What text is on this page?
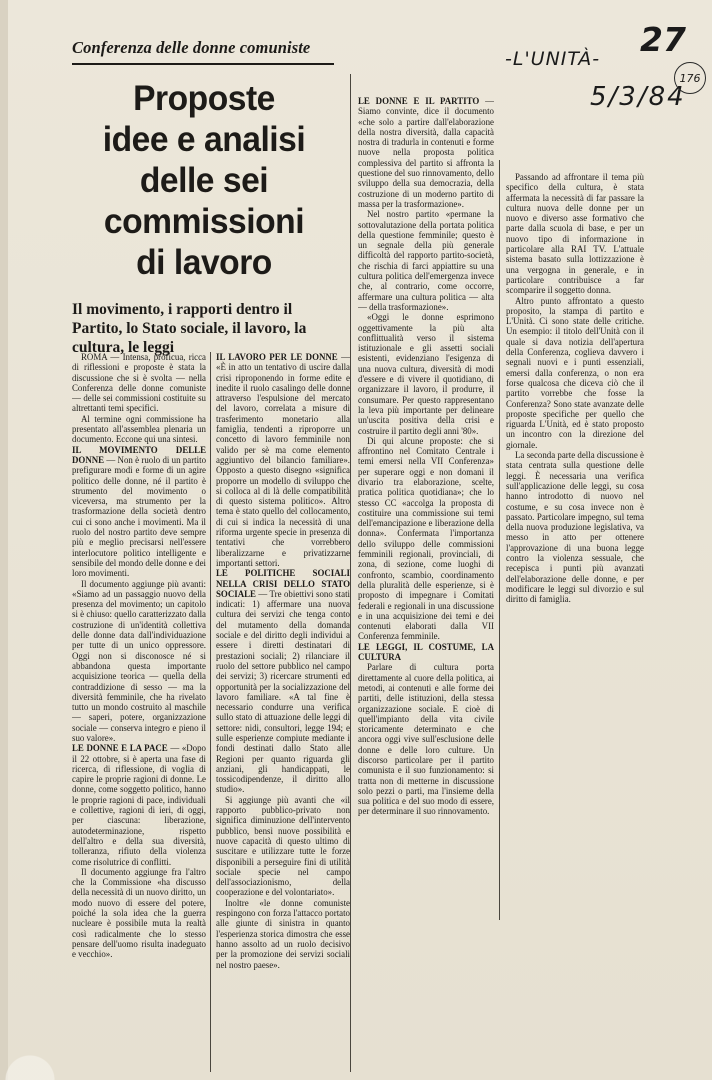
Conferenza delle donne comuniste	27
-L'UNITÀ-
5/3/84
176
Proposte
idee e analisi
delle sei
commissioni
di lavoro
Il movimento, i rapporti dentro il Partito, lo Stato sociale, il lavoro, la cultura, le leggi

ROMA — Intensa, proficua, ricca di riflessioni e proposte è stata la discussione che si è svolta — nella Conferenza delle donne comuniste — delle sei commissioni costituite su altrettanti temi specifici.

Al termine ogni commissione ha presentato all'assemblea plenaria un documento. Eccone qui una sintesi.

IL MOVIMENTO DELLE DONNE — Non è ruolo di un partito prefigurare modi e forme di un agire politico delle donne, né il partito è strumento del movimento o viceversa, ma strumento per la trasformazione della società dentro cui ci sono anche i movimenti. Ma il ruolo del nostro partito deve sempre più e meglio precisarsi nell'essere interlocutore politico intelligente e sensibile del mondo delle donne e dei loro movimenti.

Il documento aggiunge più avanti: «Siamo ad un passaggio nuovo della presenza del movimento; un capitolo si è chiuso: quello caratterizzato dalla costruzione di un'identità collettiva delle donne data dall'individuazione per tutte di un unico oppressore. Oggi non si disconosce né si abbandona questa importante acquisizione teorica — quella della contraddizione di sesso — ma la diversità femminile, che ha rivelato tutto un mondo costruito al maschile — saperi, potere, organizzazione sociale — conserva integro e pieno il suo valore».

LE DONNE E LA PACE — «Dopo il 22 ottobre, si è aperta una fase di ricerca, di riflessione, di voglia di capire le proprie ragioni di donne. Le donne, come soggetto politico, hanno le proprie ragioni di pace, individuali e collettive, ragioni di ieri, di oggi, per ciascuna: liberazione, autodeterminazione, rispetto dell'altro e della sua diversità, tolleranza, rifiuto della violenza come risolutrice di conflitti.

Il documento aggiunge fra l'altro che la Commissione «ha discusso della necessità di un nuovo diritto, un modo nuovo di essere del potere, poiché la sola idea che la guerra nucleare è possibile muta la realtà così radicalmente che lo stesso pensare dell'uomo risulta inadeguato e vecchio».

IL LAVORO PER LE DONNE — «È in atto un tentativo di uscire dalla crisi riproponendo in forme edite e inedite il ruolo casalingo delle donne attraverso l'espulsione del mercato del lavoro, correlata a misure di trasferimento monetario alla famiglia, tendenti a riproporre un concetto di lavoro femminile non valido per sè ma come elemento aggiuntivo del bilancio familiare». Opposto a questo disegno «significa proporre un modello di sviluppo che si colloca al di là delle compatibilità di questo sistema politico». Altro tema è stato quello del collocamento, di cui si indica la necessità di una riforma urgente specie in presenza di tentativi che vorrebbero liberalizzarne e privatizzarne importanti settori.

LE POLITICHE SOCIALI NELLA CRISI DELLO STATO SOCIALE — Tre obiettivi sono stati indicati: 1) affermare una nuova cultura dei servizi che tenga conto del mutamento della domanda sociale e del diritto degli individui a essere i diretti destinatari di prestazioni sociali; 2) rilanciare il ruolo del settore pubblico nel campo dei servizi; 3) ricercare strumenti ed opportunità per la socializzazione del lavoro familiare. «A tal fine è necessario condurre una verifica sullo stato di attuazione delle leggi di settore: nidi, consultori, legge 194; e sulle esperienze compiute mediante i fondi destinati dallo Stato alle Regioni per quanto riguarda gli anziani, gli handicappati, le tossicodipendenze, il diritto allo studio».

Si aggiunge più avanti che «il rapporto pubblico-privato non significa diminuzione dell'intervento pubblico, bensì nuove possibilità e nuove capacità di questo ultimo di suscitare e utilizzare tutte le forze disponibili a perseguire fini di utilità sociale specie nel campo dell'associazionismo, della cooperazione e del volontariato».

Inoltre «le donne comuniste respingono con forza l'attacco portato alle giunte di sinistra in quanto l'esperienza storica dimostra che esse hanno assolto ad un ruolo decisivo per la promozione dei servizi sociali nel nostro paese».

LE DONNE E IL PARTITO — Siamo convinte, dice il documento «che solo a partire dall'elaborazione della nostra diversità, dalla capacità nostra di tradurla in contenuti e forme nuove nella proposta politica complessiva del partito si affronta la questione del suo rinnovamento, dello sviluppo della sua democrazia, della costruzione di un moderno partito di massa per la trasformazione».

Nel nostro partito «permane la sottovalutazione della portata politica della questione femminile; questo è un segnale della più generale difficoltà del rapporto partito-società, che rischia di farci appiattire su una cultura politica dell'emergenza invece che, al contrario, come occorre, affermare una cultura politica — alta — della trasformazione».

«Oggi le donne esprimono oggettivamente la più alta conflittualità verso il sistema istituzionale e gli assetti sociali esistenti, evidenziano l'esigenza di una nuova cultura, diversità di modi d'essere e di vivere il quotidiano, di organizzare il lavoro, il produrre, il consumare. Per questo rappresentano la leva più importante per delineare un'uscita positiva della crisi e costruire il partito degli anni '80».

Di qui alcune proposte: che si affrontino nel Comitato Centrale i temi emersi nella VII Conferenza» per superare oggi e non domani il divario tra elaborazione, scelte, pratica politica quotidiana»; che lo stesso CC «accolga la proposta di costituire una commissione sui temi dell'emancipazione e liberazione della donna». Confermata l'importanza dello sviluppo delle commissioni femminili regionali, provinciali, di zona, di sezione, come luoghi di confronto, scambio, coordinamento della pluralità delle esperienze, si è proposto di impegnare i Comitati federali e regionali in una discussione e in una acquisizione dei temi e dei contenuti elaborati dalla VII Conferenza femminile.

LE LEGGI, IL COSTUME, LA CULTURA

Parlare di cultura porta direttamente al cuore della politica, ai metodi, ai contenuti e alle forme dei partiti, delle istituzioni, della stessa organizzazione sociale. E cioè di quell'impianto della vita civile storicamente determinato e che ancora oggi vive sull'esclusione delle donne e delle loro culture. Un discorso particolare per il partito comunista e il suo funzionamento: si tratta non di metterne in discussione solo pezzi o parti, ma l'insieme della sua politica e del suo modo di essere, per determinare il suo rinnovamento.

Passando ad affrontare il tema più specifico della cultura, è stata affermata la necessità di far passare la cultura nuova delle donne per un nuovo e diverso asse formativo che parte dalla scuola di base, e per un nuovo tipo di informazione in particolare alla RAI TV. L'attuale sistema basato sulla lottizzazione è una vergogna in generale, e in particolare contribuisce a far scomparire il soggetto donna.

Altro punto affrontato a questo proposito, la stampa di partito e L'Unità. Ci sono state delle critiche. Un esempio: il titolo dell'Unità con il quale si dava notizia dell'apertura della Conferenza, coglieva davvero i segnali nuovi e i punti essenziali, emersi dalla conferenza, o non era forse qualcosa che diceva ciò che il partito vorrebbe che fosse la Conferenza? Sono state avanzate delle proposte specifiche per quello che riguarda L'Unità, ed è stato proposto un incontro con la direzione del giornale.

La seconda parte della discussione è stata centrata sulla questione delle leggi. È necessaria una verifica sull'applicazione delle leggi, su cosa hanno introdotto di nuovo nel costume, e su cosa invece non è passato. Particolare impegno, sul tema della nuova produzione legislativa, va messo in atto per ottenere l'approvazione di una buona legge contro la violenza sessuale, che recepisca i punti più avanzati dell'elaborazione delle donne, e per modificare le leggi sul divorzio e sul diritto di famiglia.
